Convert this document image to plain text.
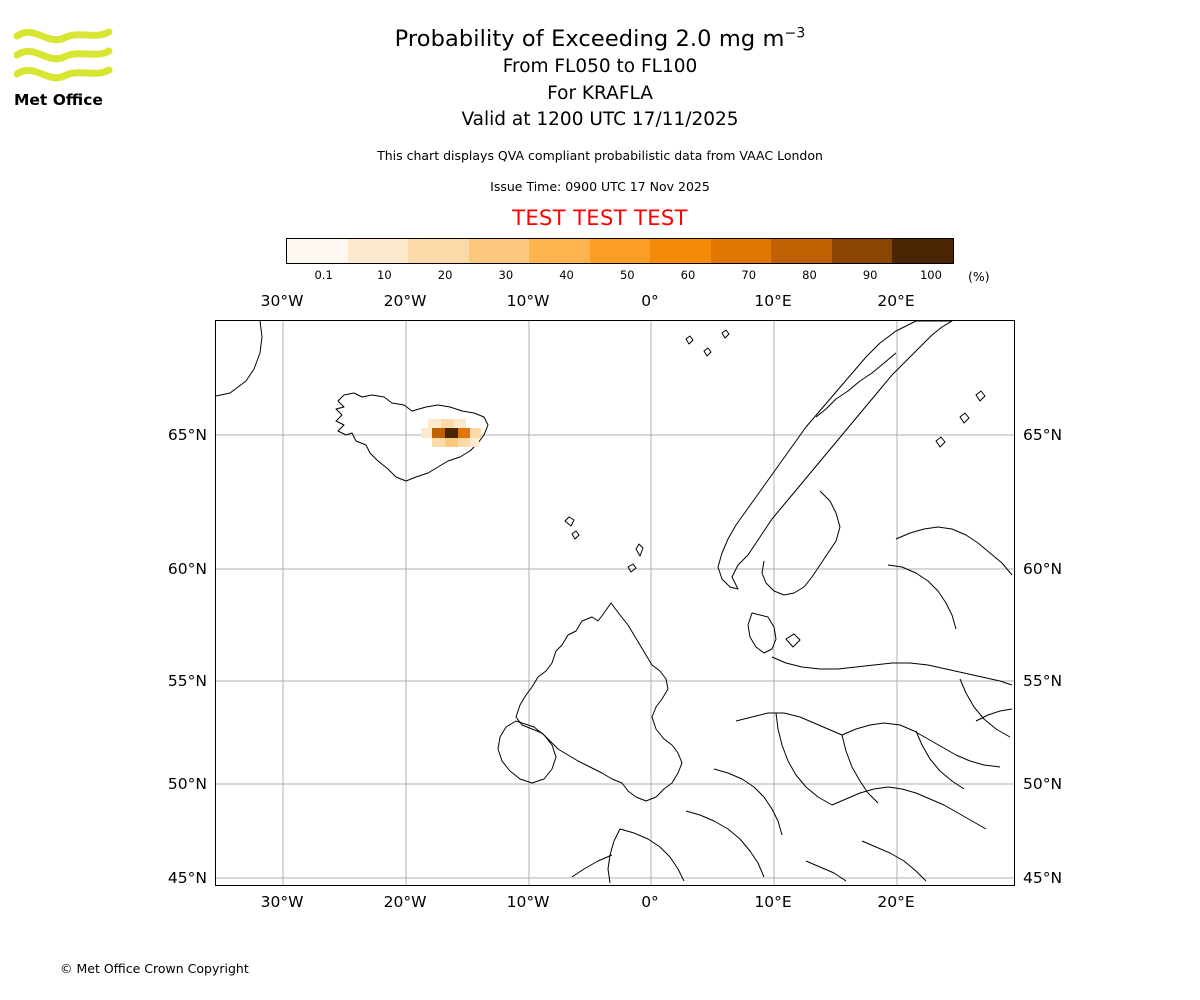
Met Office
Probability of Exceeding 2.0 mg $m^{-3}$
From FL050 to FL100
For KRAFLA
Valid at 1200 UTC 17/11/2025
This chart displays QVA compliant probabilistic data from VAAC London
Issue Time: 0900 UTC 17 Nov 2025
TEST TEST TEST
0.1	10	20	30	40	50	60	70	80	90	100 (%)
30°W	20°W	10°W	0°	10°E	20°E
30°W	20°W	10°W	0°	10°E	20°E
65°N
60°N
55°N
50°N
45°N
65°N
60°N
55°N
50°N
45°N
© Met Office Crown Copyright
